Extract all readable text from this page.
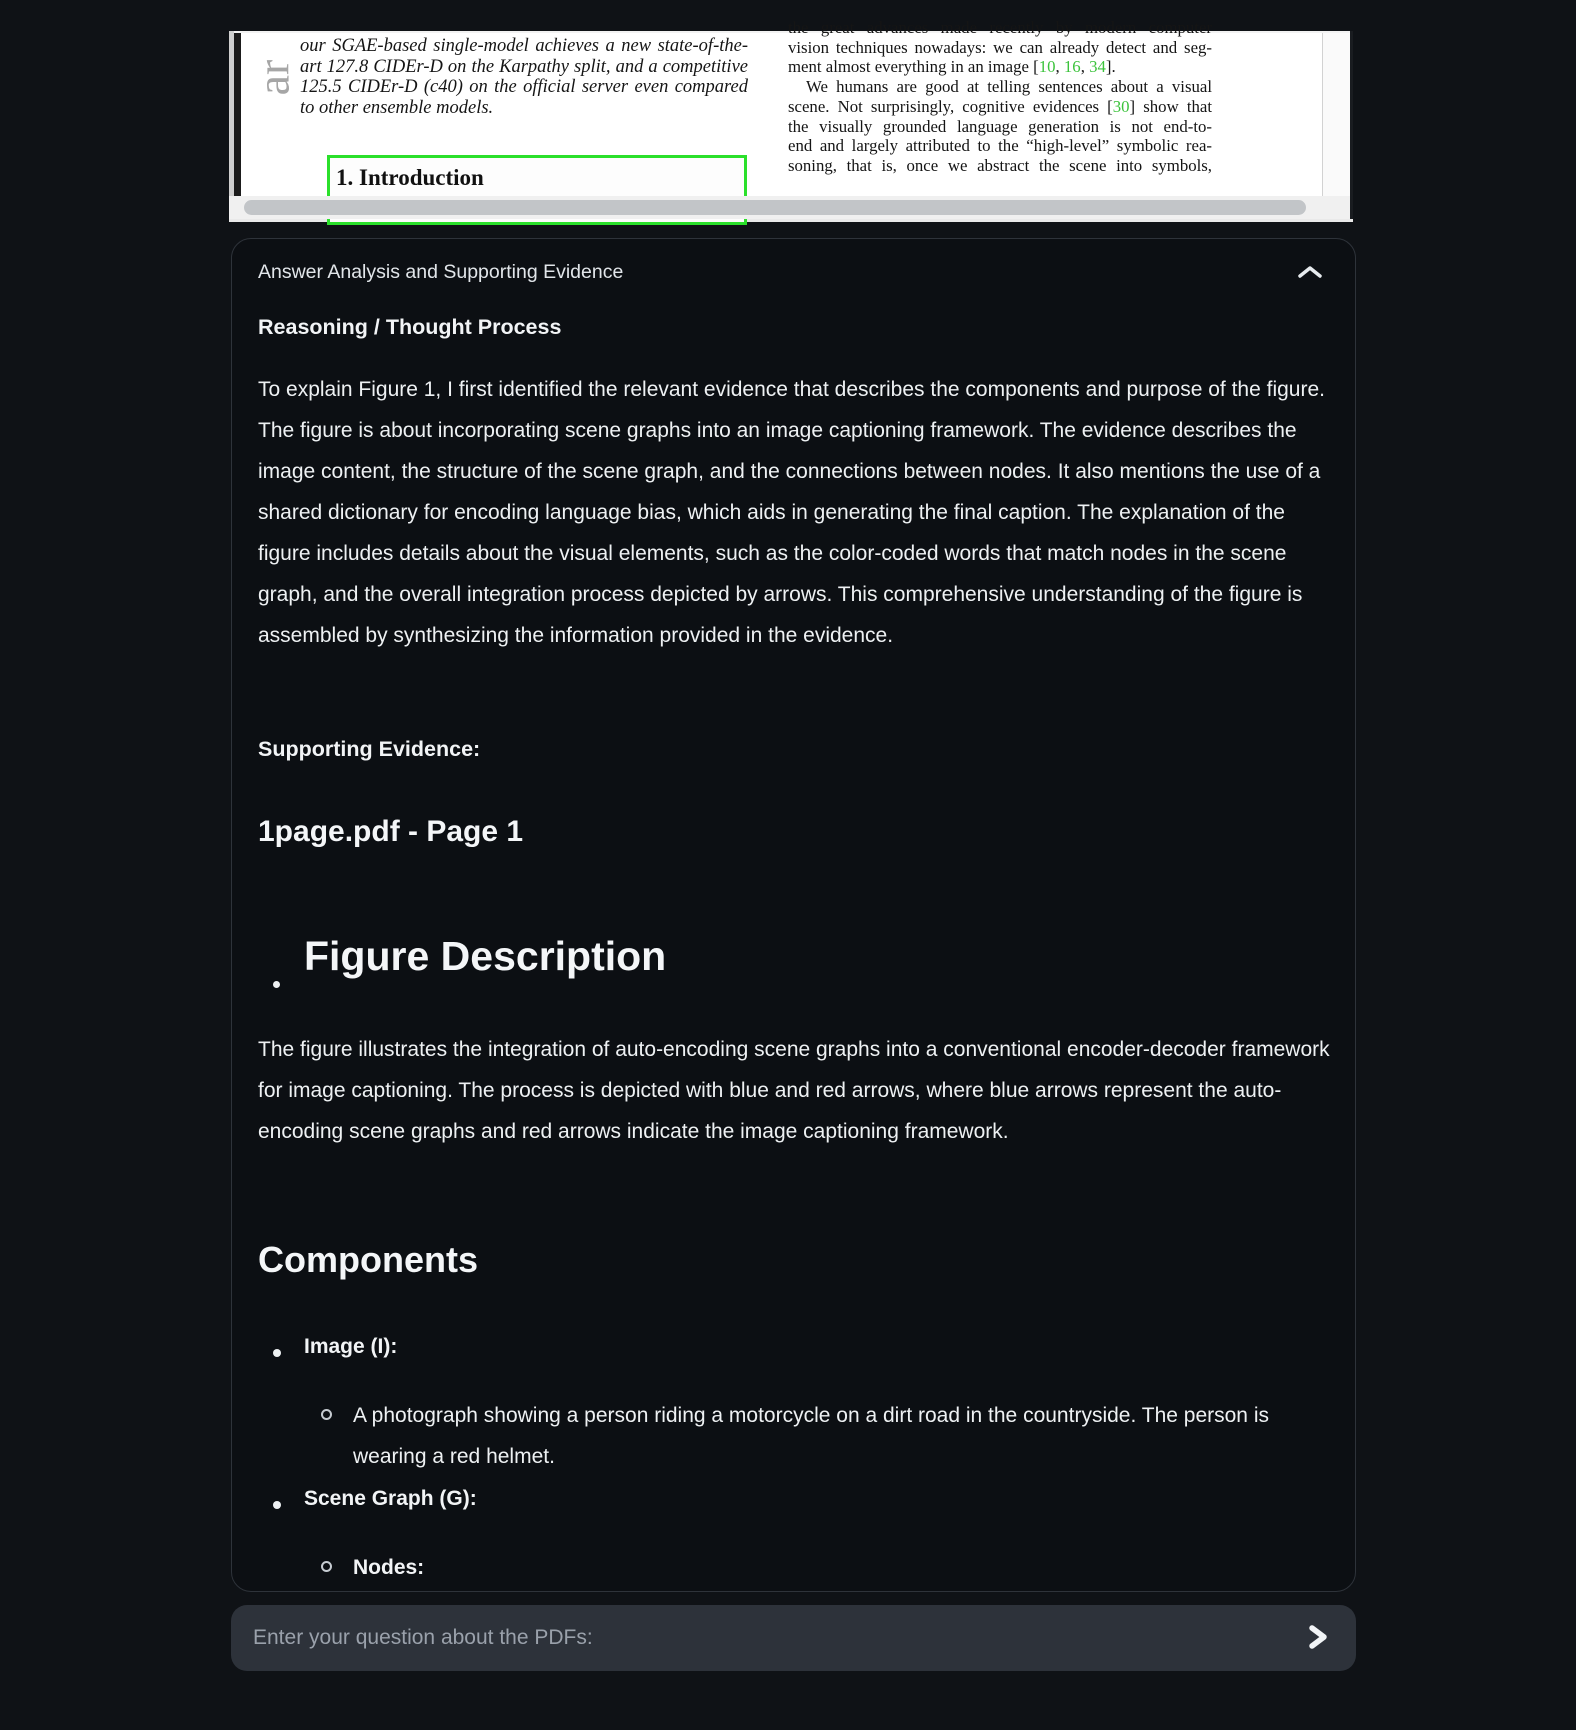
ar
our SGAE-based single-model achieves a new state-of-the-
art 127.8 CIDEr-D on the Karpathy split, and a competitive
125.5 CIDEr-D (c40) on the official server even compared
to other ensemble models.
1. Introduction
the great advances made recently by modern computer
vision techniques nowadays: we can already detect and seg-
ment almost everything in an image [10, 16, 34].
We humans are good at telling sentences about a visual
scene. Not surprisingly, cognitive evidences [30] show that
the visually grounded language generation is not end-to-
end and largely attributed to the “high-level” symbolic rea-
soning, that is, once we abstract the scene into symbols,
Answer Analysis and Supporting Evidence
Reasoning / Thought Process
To explain Figure 1, I first identified the relevant evidence that describes the components and purpose of the figure. The figure is about incorporating scene graphs into an image captioning framework. The evidence describes the image content, the structure of the scene graph, and the connections between nodes. It also mentions the use of a shared dictionary for encoding language bias, which aids in generating the final caption. The explanation of the figure includes details about the visual elements, such as the color-coded words that match nodes in the scene graph, and the overall integration process depicted by arrows. This comprehensive understanding of the figure is assembled by synthesizing the information provided in the evidence.
Supporting Evidence:
1page.pdf - Page 1
Figure Description
The figure illustrates the integration of auto-encoding scene graphs into a conventional encoder-decoder framework for image captioning. The process is depicted with blue and red arrows, where blue arrows represent the auto-encoding scene graphs and red arrows indicate the image captioning framework.
Components
Image (I):
A photograph showing a person riding a motorcycle on a dirt road in the countryside. The person is wearing a red helmet.
Scene Graph (G):
Nodes:
Enter your question about the PDFs:
